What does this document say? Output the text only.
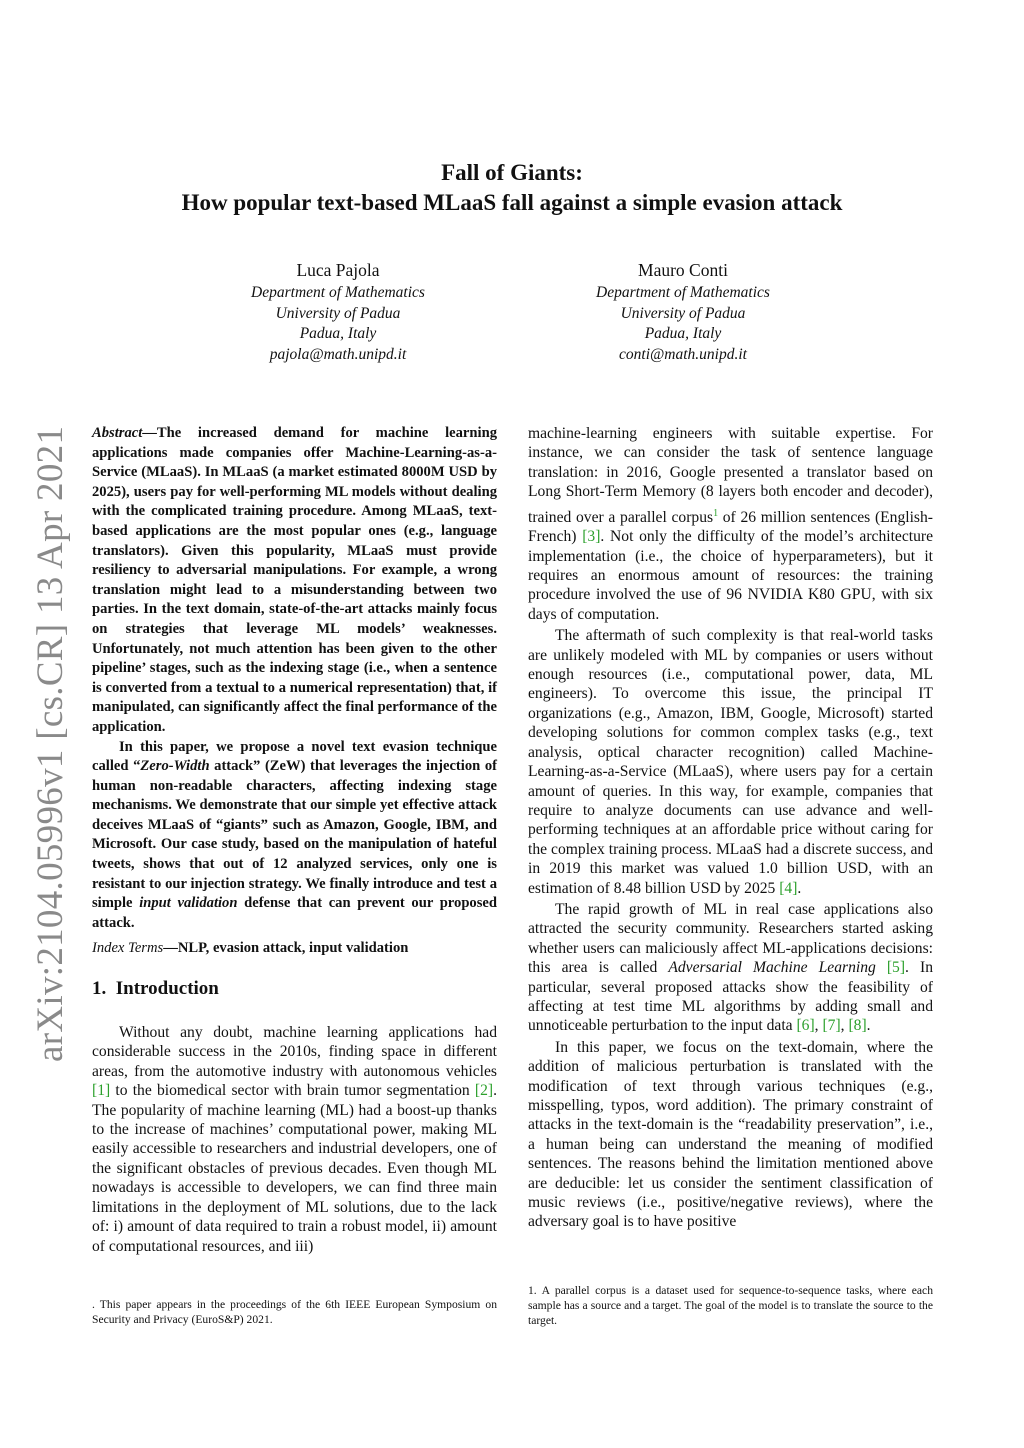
arXiv:2104.05996v1 [cs.CR] 13 Apr 2021
Fall of Giants:
How popular text-based MLaaS fall against a simple evasion attack
Luca Pajola
Department of Mathematics
University of Padua
Padua, Italy
pajola@math.unipd.it
Mauro Conti
Department of Mathematics
University of Padua
Padua, Italy
conti@math.unipd.it

Abstract—The increased demand for machine learning applications made companies offer Machine-Learning-as-a-Service (MLaaS). In MLaaS (a market estimated 8000M USD by 2025), users pay for well-performing ML models without dealing with the complicated training procedure. Among MLaaS, text-based applications are the most popular ones (e.g., language translators). Given this popularity, MLaaS must provide resiliency to adversarial manipulations. For example, a wrong translation might lead to a misunderstanding between two parties. In the text domain, state-of-the-art attacks mainly focus on strategies that leverage ML models’ weaknesses. Unfortunately, not much attention has been given to the other pipeline’ stages, such as the indexing stage (i.e., when a sentence is converted from a textual to a numerical representation) that, if manipulated, can significantly affect the final performance of the application.

In this paper, we propose a novel text evasion technique called “Zero-Width attack” (ZeW) that leverages the injection of human non-readable characters, affecting indexing stage mechanisms. We demonstrate that our simple yet effective attack deceives MLaaS of “giants” such as Amazon, Google, IBM, and Microsoft. Our case study, based on the manipulation of hateful tweets, shows that out of 12 analyzed services, only one is resistant to our injection strategy. We finally introduce and test a simple input validation defense that can prevent our proposed attack.

Index Terms—NLP, evasion attack, input validation

1. Introduction

Without any doubt, machine learning applications had considerable success in the 2010s, finding space in different areas, from the automotive industry with autonomous vehicles [1] to the biomedical sector with brain tumor segmentation [2]. The popularity of machine learning (ML) had a boost-up thanks to the increase of machines’ computational power, making ML easily accessible to researchers and industrial developers, one of the significant obstacles of previous decades. Even though ML nowadays is accessible to developers, we can find three main limitations in the deployment of ML solutions, due to the lack of: i) amount of data required to train a robust model, ii) amount of computational resources, and iii)

. This paper appears in the proceedings of the 6th IEEE European Symposium on Security and Privacy (EuroS&P) 2021.

machine-learning engineers with suitable expertise. For instance, we can consider the task of sentence language translation: in 2016, Google presented a translator based on Long Short-Term Memory (8 layers both encoder and decoder), trained over a parallel corpus$^1$ of 26 million sentences (English-French) [3]. Not only the difficulty of the model’s architecture implementation (i.e., the choice of hyperparameters), but it requires an enormous amount of resources: the training procedure involved the use of 96 NVIDIA K80 GPU, with six days of computation.

The aftermath of such complexity is that real-world tasks are unlikely modeled with ML by companies or users without enough resources (i.e., computational power, data, ML engineers). To overcome this issue, the principal IT organizations (e.g., Amazon, IBM, Google, Microsoft) started developing solutions for common complex tasks (e.g., text analysis, optical character recognition) called Machine-Learning-as-a-Service (MLaaS), where users pay for a certain amount of queries. In this way, for example, companies that require to analyze documents can use advance and well-performing techniques at an affordable price without caring for the complex training process. MLaaS had a discrete success, and in 2019 this market was valued 1.0 billion USD, with an estimation of 8.48 billion USD by 2025 [4].

The rapid growth of ML in real case applications also attracted the security community. Researchers started asking whether users can maliciously affect ML-applications decisions: this area is called Adversarial Machine Learning [5]. In particular, several proposed attacks show the feasibility of affecting at test time ML algorithms by adding small and unnoticeable perturbation to the input data [6], [7], [8].

In this paper, we focus on the text-domain, where the addition of malicious perturbation is translated with the modification of text through various techniques (e.g., misspelling, typos, word addition). The primary constraint of attacks in the text-domain is the “readability preservation”, i.e., a human being can understand the meaning of modified sentences. The reasons behind the limitation mentioned above are deducible: let us consider the sentiment classification of music reviews (i.e., positive/negative reviews), where the adversary goal is to have positive

1. A parallel corpus is a dataset used for sequence-to-sequence tasks, where each sample has a source and a target. The goal of the model is to translate the source to the target.
